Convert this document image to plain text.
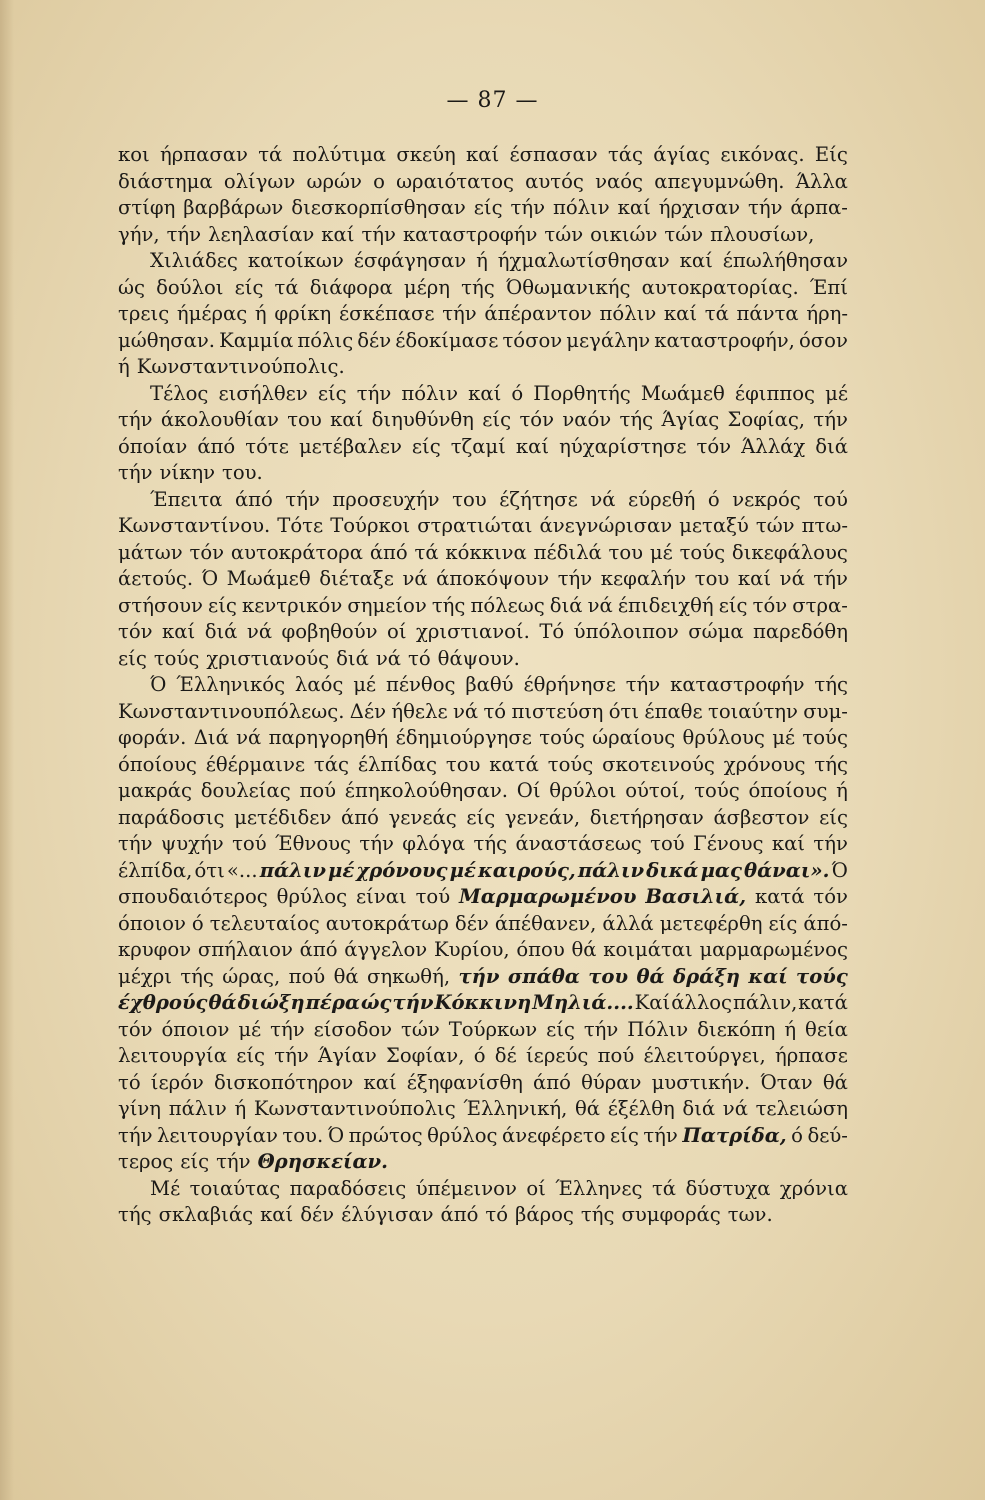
— 87 —
κοι ήρπασαν τά πολύτιμα σκεύη καί έσπασαν τάς άγίας εικόνας. Είς
διάστημα ολίγων ωρών ο ωραιότατος αυτός ναός απεγυμνώθη. Άλλα
στίφη βαρβάρων διεσκορπίσθησαν είς τήν πόλιν καί ήρχισαν τήν άρπα-
γήν, τήν λεηλασίαν καί τήν καταστροφήν τών οικιών τών πλουσίων,
Χιλιάδες κατοίκων έσφάγησαν ή ήχμαλωτίσθησαν καί έπωλήθησαν
ώς δούλοι είς τά διάφορα μέρη τής Όθωμανικής αυτοκρατορίας. Έπί
τρεις ήμέρας ή φρίκη έσκέπασε τήν άπέραντον πόλιν καί τά πάντα ήρη-
μώθησαν. Καμμία πόλις δέν έδοκίμασε τόσον μεγάλην καταστροφήν, όσον
ή Κωνσταντινούπολις.
Τέλος εισήλθεν είς τήν πόλιν καί ό Πορθητής Μωάμεθ έφιππος μέ
τήν άκολουθίαν του καί διηυθύνθη είς τόν ναόν τής Άγίας Σοφίας, τήν
όποίαν άπό τότε μετέβαλεν είς τζαμί καί ηύχαρίστησε τόν Άλλάχ διά
τήν νίκην του.
Έπειτα άπό τήν προσευχήν του έζήτησε νά εύρεθή ό νεκρός τού
Κωνσταντίνου. Τότε Τούρκοι στρατιώται άνεγνώρισαν μεταξύ τών πτω-
μάτων τόν αυτοκράτορα άπό τά κόκκινα πέδιλά του μέ τούς δικεφάλους
άετούς. Ό Μωάμεθ διέταξε νά άποκόψουν τήν κεφαλήν του καί νά τήν
στήσουν είς κεντρικόν σημείον τής πόλεως διά νά έπιδειχθή είς τόν στρα-
τόν καί διά νά φοβηθούν οί χριστιανοί. Τό ύπόλοιπον σώμα παρεδόθη
είς τούς χριστιανούς διά νά τό θάψουν.
Ό Έλληνικός λαός μέ πένθος βαθύ έθρήνησε τήν καταστροφήν τής
Κωνσταντινουπόλεως. Δέν ήθελε νά τό πιστεύση ότι έπαθε τοιαύτην συμ-
φοράν. Διά νά παρηγορηθή έδημιούργησε τούς ώραίους θρύλους μέ τούς
όποίους έθέρμαινε τάς έλπίδας του κατά τούς σκοτεινούς χρόνους τής
μακράς δουλείας πού έπηκολούθησαν. Οί θρύλοι ούτοί, τούς όποίους ή
παράδοσις μετέδιδεν άπό γενεάς είς γενεάν, διετήρησαν άσβεστον είς
τήν ψυχήν τού Έθνους τήν φλόγα τής άναστάσεως τού Γένους καί τήν
έλπίδα, ότι «... πάλιν μέ χρόνους μέ καιρούς, πάλιν δικά μας θάναι». Ό
σπουδαιότερος θρύλος είναι τού Μαρμαρωμένου Βασιλιά, κατά τόν
όποιον ό τελευταίος αυτοκράτωρ δέν άπέθανεν, άλλά μετεφέρθη είς άπό-
κρυφον σπήλαιον άπό άγγελον Κυρίου, όπου θά κοιμάται μαρμαρωμένος
μέχρι τής ώρας, πού θά σηκωθή, τήν σπάθα του θά δράξη καί τούς
έχθρούς θά διώξη πέρα ώς τήν Κόκκινη Μηλιά.... Καί άλλος πάλιν, κατά
τόν όποιον μέ τήν είσοδον τών Τούρκων είς τήν Πόλιν διεκόπη ή θεία
λειτουργία είς τήν Άγίαν Σοφίαν, ό δέ ίερεύς πού έλειτούργει, ήρπασε
τό ίερόν δισκοπότηρον καί έξηφανίσθη άπό θύραν μυστικήν. Όταν θά
γίνη πάλιν ή Κωνσταντινούπολις Έλληνική, θά έξέλθη διά νά τελειώση
τήν λειτουργίαν του. Ό πρώτος θρύλος άνεφέρετο είς τήν Πατρίδα, ό δεύ-
τερος είς τήν Θρησκείαν.
Μέ τοιαύτας παραδόσεις ύπέμεινον οί Έλληνες τά δύστυχα χρόνια
τής σκλαβιάς καί δέν έλύγισαν άπό τό βάρος τής συμφοράς των.
